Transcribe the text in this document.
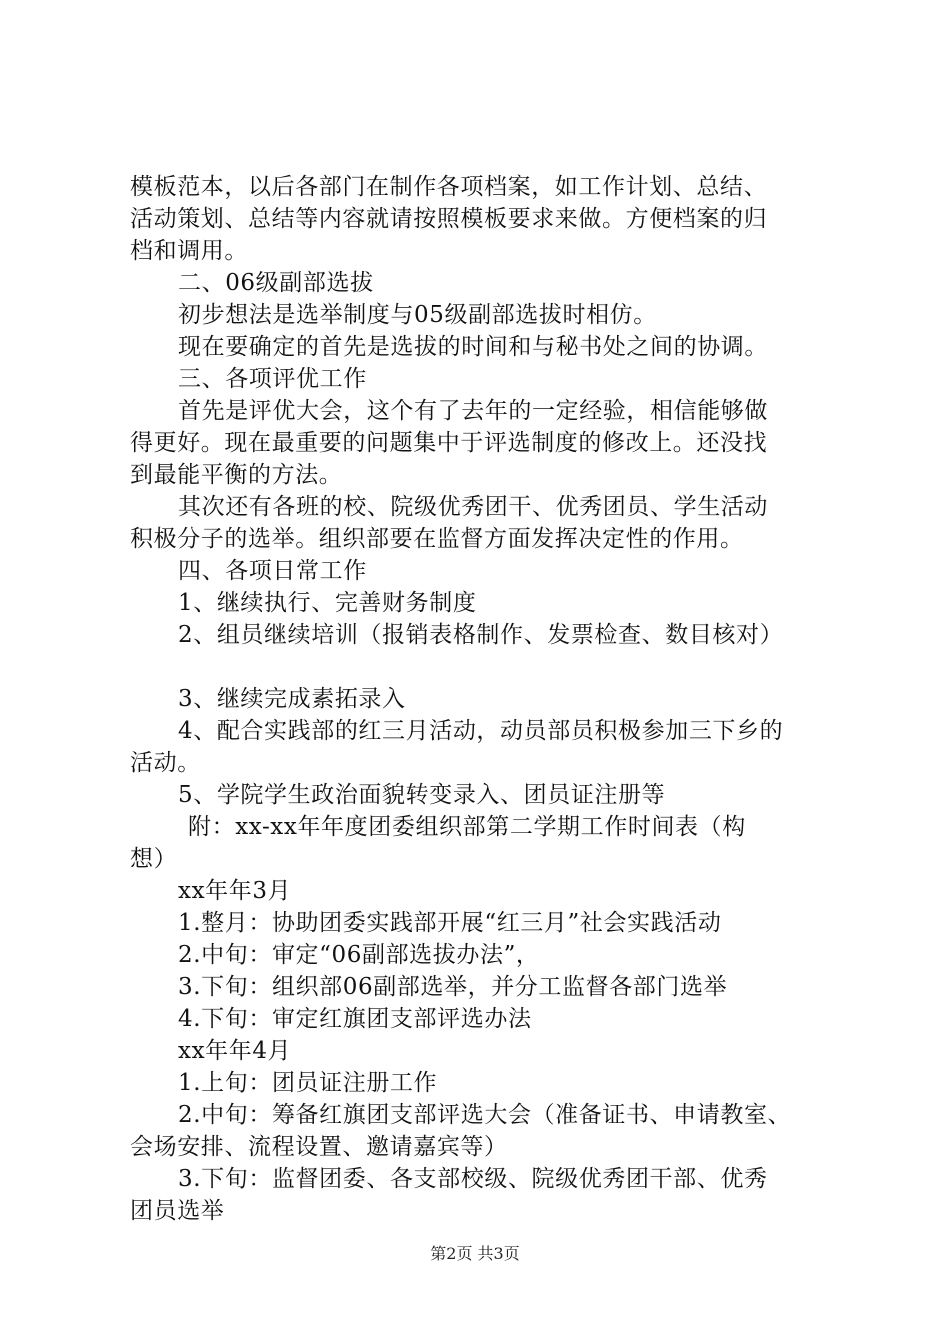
模板范本，以后各部门在制作各项档案，如工作计划、总结、
活动策划、总结等内容就请按照模板要求来做。方便档案的归
档和调用。
二、06级副部选拔
初步想法是选举制度与05级副部选拔时相仿。
现在要确定的首先是选拔的时间和与秘书处之间的协调。
三、各项评优工作
首先是评优大会，这个有了去年的一定经验，相信能够做
得更好。现在最重要的问题集中于评选制度的修改上。还没找
到最能平衡的方法。
其次还有各班的校、院级优秀团干、优秀团员、学生活动
积极分子的选举。组织部要在监督方面发挥决定性的作用。
四、各项日常工作
1、继续执行、完善财务制度
2、组员继续培训（报销表格制作、发票检查、数目核对）
3、继续完成素拓录入
4、配合实践部的红三月活动，动员部员积极参加三下乡的
活动。
5、学院学生政治面貌转变录入、团员证注册等
附：xx-xx年年度团委组织部第二学期工作时间表（构
想）
xx年年3月
1.整月：协助团委实践部开展“红三月”社会实践活动
2.中旬：审定“06副部选拔办法”，
3.下旬：组织部06副部选举，并分工监督各部门选举
4.下旬：审定红旗团支部评选办法
xx年年4月
1.上旬：团员证注册工作
2.中旬：筹备红旗团支部评选大会（准备证书、申请教室、
会场安排、流程设置、邀请嘉宾等）
3.下旬：监督团委、各支部校级、院级优秀团干部、优秀
团员选举
第2页 共3页
